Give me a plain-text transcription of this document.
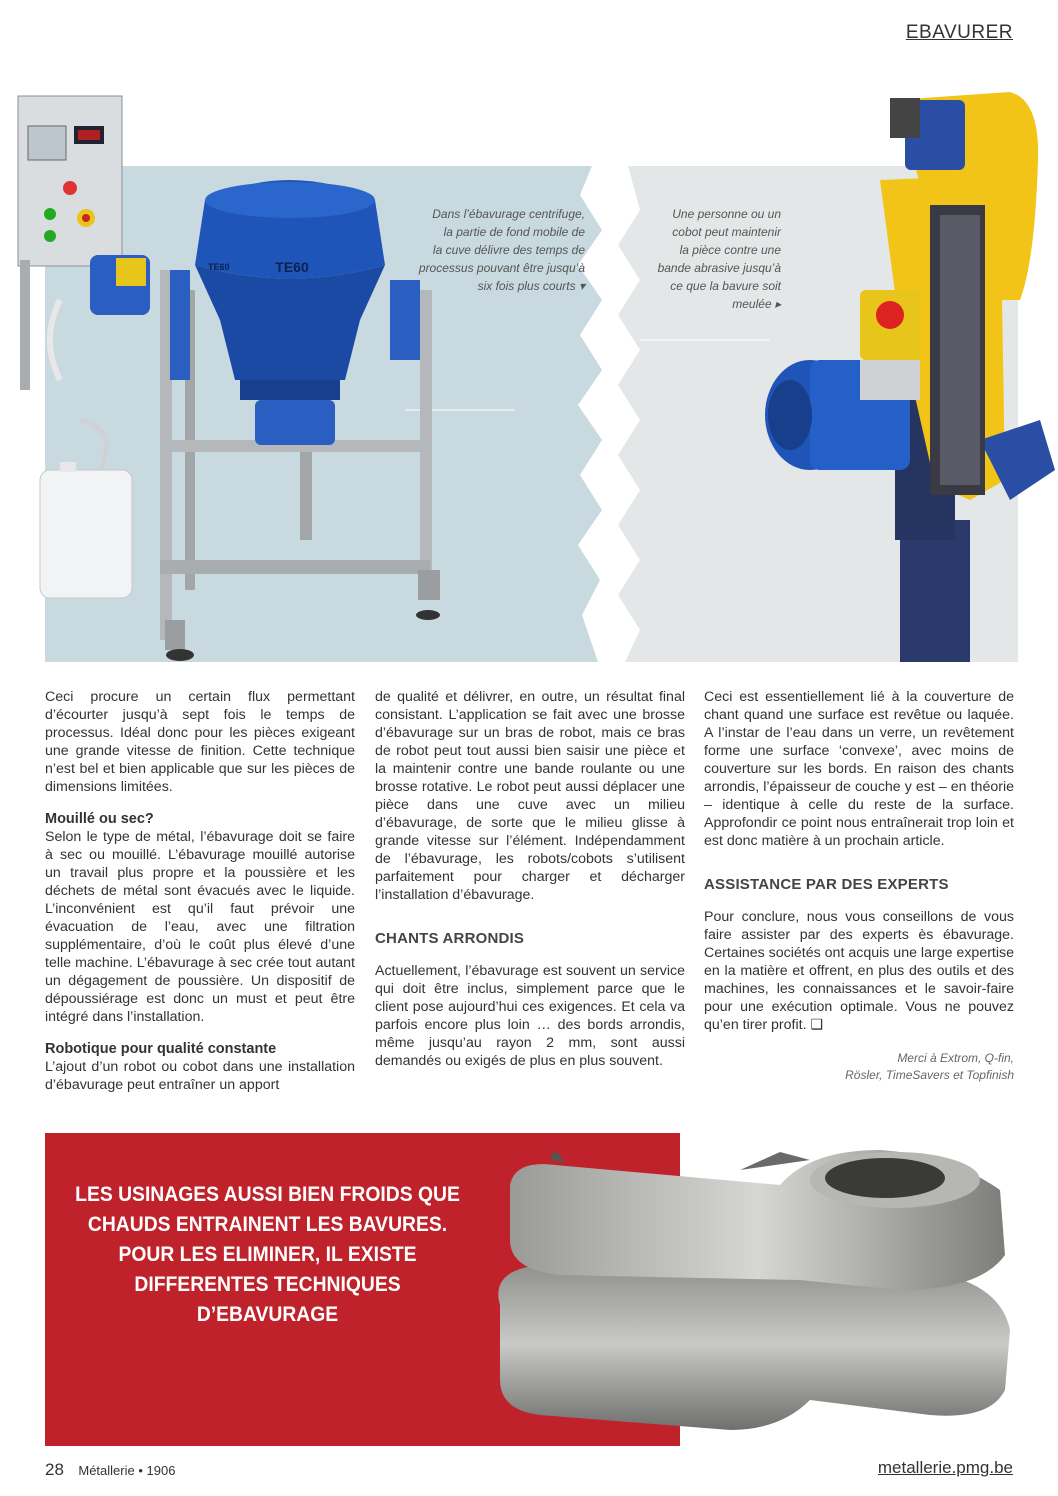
EBAVURER
TE60
TE60
Dans l’ébavurage centrifuge,
la partie de fond mobile de
la cuve délivre des temps de
processus pouvant être jusqu’à
six fois plus courts ▾
Une personne ou un
cobot peut maintenir
la pièce contre une
bande abrasive jusqu’à
ce que la bavure soit
meulée ▸

Ceci procure un certain flux permettant d’écourter jusqu’à sept fois le temps de processus. Idéal donc pour les pièces exigeant une grande vitesse de finition. Cette technique n’est bel et bien applicable que sur les pièces de dimensions limitées.

Mouillé ou sec?

Selon le type de métal, l’ébavurage doit se faire à sec ou mouillé. L’ébavurage mouillé autorise un travail plus propre et la poussière et les déchets de métal sont évacués avec le liquide. L’inconvénient est qu’il faut prévoir une évacuation de l’eau, avec une filtration supplémentaire, d’où le coût plus élevé d’une telle machine. L’ébavurage à sec crée tout autant un dégagement de poussière. Un dispositif de dépoussiérage est donc un must et peut être intégré dans l’installation.

Robotique pour qualité constante

L’ajout d’un robot ou cobot dans une installation d’ébavurage peut entraîner un apport

de qualité et délivrer, en outre, un résultat final consistant. L’application se fait avec une brosse d’ébavurage sur un bras de robot, mais ce bras de robot peut tout aussi bien saisir une pièce et la maintenir contre une bande roulante ou une brosse rotative. Le robot peut aussi déplacer une pièce dans une cuve avec un milieu d’ébavurage, de sorte que le milieu glisse à grande vitesse sur l’élément. Indépendamment de l’ébavurage, les robots/cobots s’utilisent parfaitement pour charger et décharger l’installation d’ébavurage.

CHANTS ARRONDIS

Actuellement, l’ébavurage est souvent un service qui doit être inclus, simplement parce que le client pose aujourd’hui ces exigences. Et cela va parfois encore plus loin … des bords arrondis, même jusqu’au rayon 2 mm, sont aussi demandés ou exigés de plus en plus souvent.

Ceci est essentiellement lié à la couverture de chant quand une surface est revêtue ou laquée. A l’instar de l’eau dans un verre, un revêtement forme une surface ‘convexe’, avec moins de couverture sur les bords. En raison des chants arrondis, l’épaisseur de couche y est – en théorie – identique à celle du reste de la surface. Approfondir ce point nous entraînerait trop loin et est donc matière à un prochain article.

ASSISTANCE PAR DES EXPERTS

Pour conclure, nous vous conseillons de vous faire assister par des experts ès ébavurage. Certaines sociétés ont acquis une large expertise en la matière et offrent, en plus des outils et des machines, les connaissances et le savoir-faire pour une exécution optimale. Vous ne pouvez qu’en tirer profit. ❑

Merci à Extrom, Q-fin,
Rösler, TimeSavers et Topfinish

LES USINAGES AUSSI BIEN FROIDS QUE
CHAUDS ENTRAINENT LES BAVURES.
POUR LES ELIMINER, IL EXISTE
DIFFERENTES TECHNIQUES
D’EBAVURAGE
28 Métallerie • 1906	metallerie.pmg.be
